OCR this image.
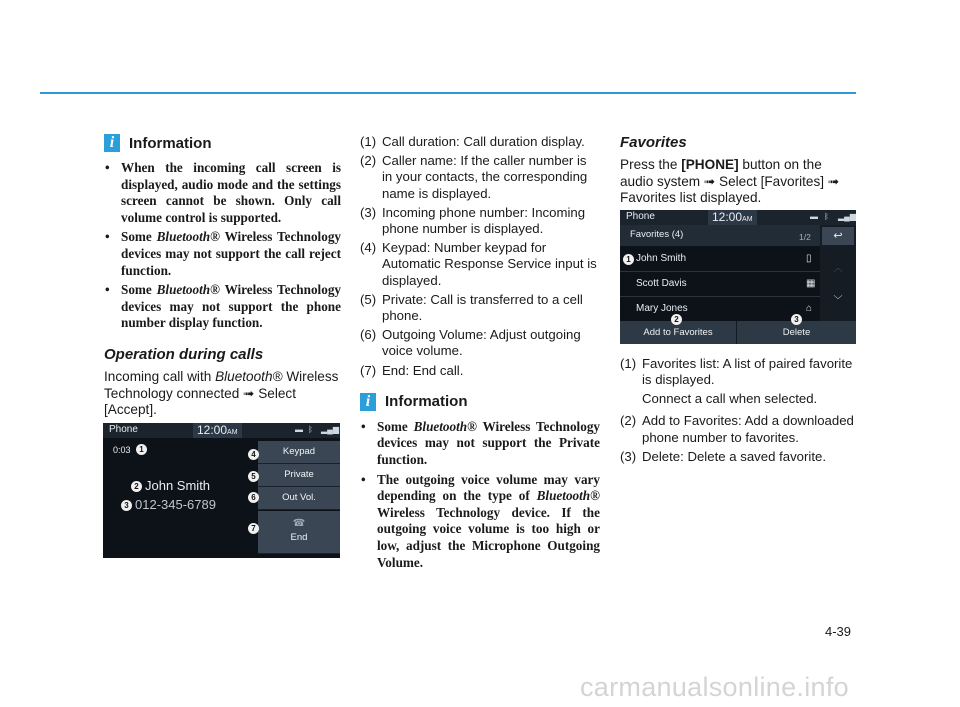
i Information
• When the incoming call screen is displayed, audio mode and the settings screen cannot be shown. Only call volume control is supported.
• Some Bluetooth® Wireless Technology devices may not support the call reject function.
• Some Bluetooth® Wireless Technology devices may not support the phone number display function.
Operation during calls

Incoming call with Bluetooth® Wireless Technology connected ➟ Select [Accept].

Phone	12:00AM	▬ ᛒ ▂▄▆
0:03	1
2 John Smith
3 012-345-6789
Keypad
Private
Out Vol.
☎
End
4
5
6
7
(1) Call duration: Call duration display.
(2) Caller name: If the caller number is in your contacts, the corresponding name is displayed.
(3) Incoming phone number: Incoming phone number is displayed.
(4) Keypad: Number keypad for Automatic Response Service input is displayed.
(5) Private: Call is transferred to a cell phone.
(6) Outgoing Volume: Adjust outgoing voice volume.
(7) End: End call.
i Information
• Some Bluetooth® Wireless Technology devices may not support the Private function.
• The outgoing voice volume may vary depending on the type of Bluetooth® Wireless Technology device. If the outgoing voice volume is too high or low, adjust the Microphone Outgoing Volume.
Favorites

Press the [PHONE] button on the audio system ➟ Select [Favorites] ➟ Favorites list displayed.

Phone	12:00AM	▬ ᛒ ▂▄▆
Favorites (4)	1/2
John Smith	▯
Scott Davis	▦
Mary Jones	⌂
1
↩
︿
﹀
Add to Favorites	Delete
2	3
(1) Favorites list: A list of paired favorite is displayed.
Connect a call when selected.
(2) Add to Favorites: Add a downloaded phone number to favorites.
(3) Delete: Delete a saved favorite.
4-39
carmanualsonline.info
